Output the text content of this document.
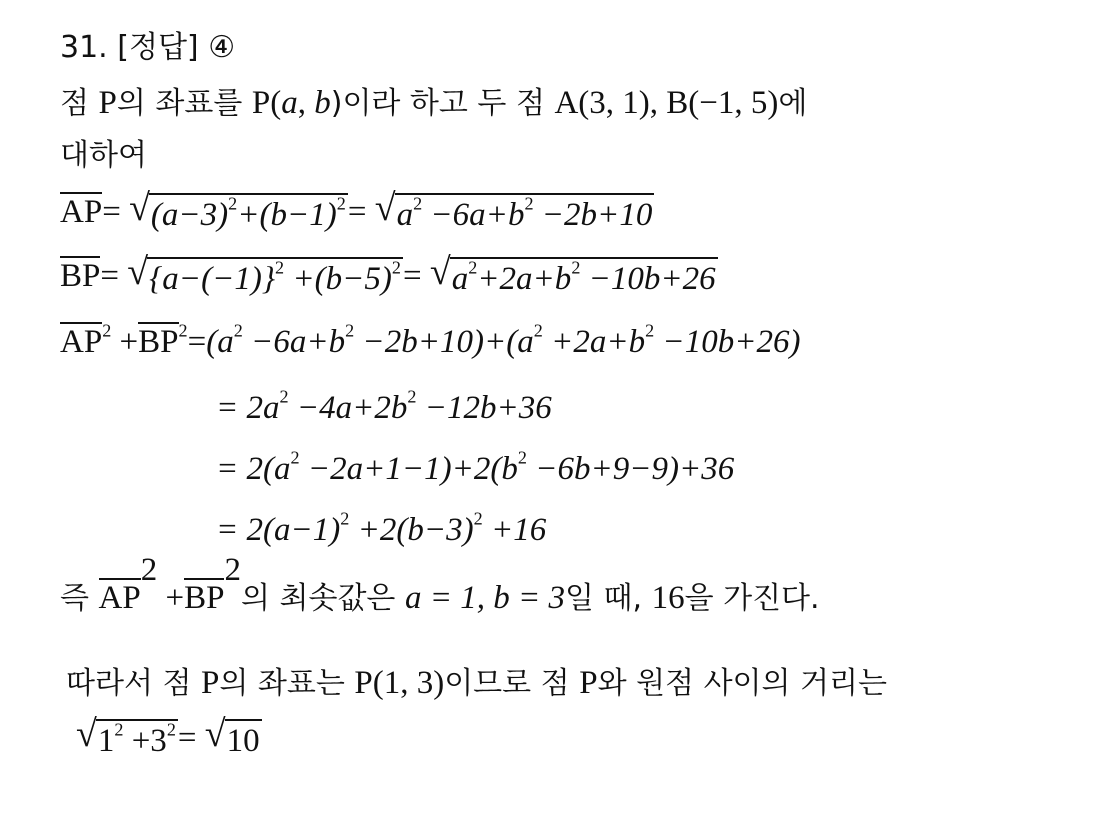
31. [정답] ④
점 P의 좌표를 P(a, b)이라 하고 두 점 A(3, 1), B(−1, 5)에
대하여
AP= √ $(a-3)^2+(b-1)^2$ = √ $a^2 -6a+b^2 -2b+10$
BP= √ $\{a-(-1)\}^2 +(b-5)^2$ = √ $a^2+2a+b^2 -10b+26$
$AP^2 +BP^2=(a^2 -6a+b^2 -2b+10)+(a^2 +2a+b^2 -10b+26)$
= $2a^2 -4a+2b^2 -12b+36$
= $2(a^2 -2a+1-1)+2(b^2 -6b+9-9)+36$
= $2(a-1)^2 +2(b-3)^2 +16$
즉 $AP^2 +BP^2$의 최솟값은 a = 1, b = 3일 때, 16을 가진다.
따라서 점 P의 좌표는 P(1, 3)이므로 점 P와 원점 사이의 거리는
√ $1^2 +3^2$ = √ 10
